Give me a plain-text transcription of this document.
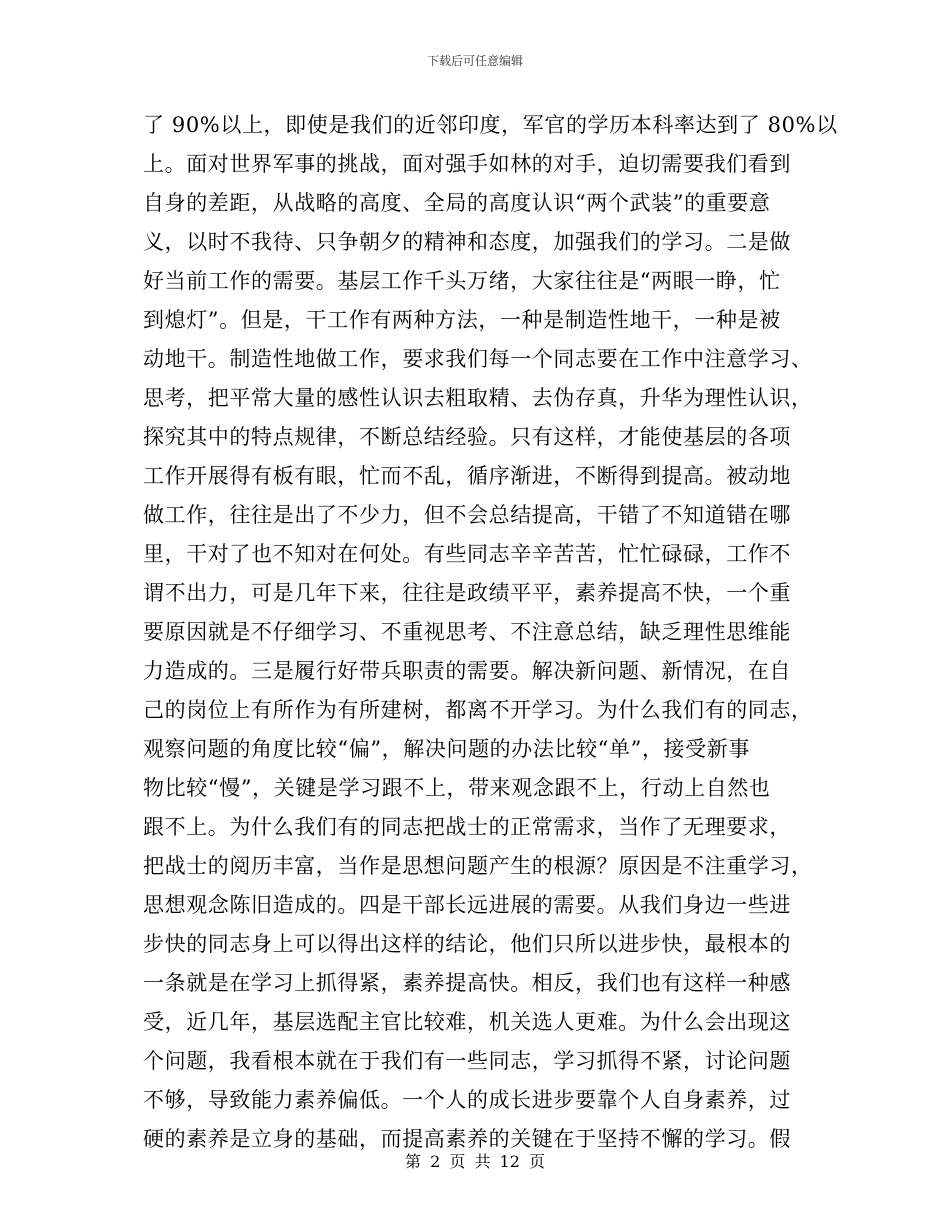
下载后可任意编辑
了 90%以上，即使是我们的近邻印度，军官的学历本科率达到了 80%以
上。面对世界军事的挑战，面对强手如林的对手，迫切需要我们看到
自身的差距，从战略的高度、全局的高度认识“两个武装”的重要意
义，以时不我待、只争朝夕的精神和态度，加强我们的学习。二是做
好当前工作的需要。基层工作千头万绪，大家往往是“两眼一睁，忙
到熄灯”。但是，干工作有两种方法，一种是制造性地干，一种是被
动地干。制造性地做工作，要求我们每一个同志要在工作中注意学习、
思考，把平常大量的感性认识去粗取精、去伪存真，升华为理性认识，
探究其中的特点规律，不断总结经验。只有这样，才能使基层的各项
工作开展得有板有眼，忙而不乱，循序渐进，不断得到提高。被动地
做工作，往往是出了不少力，但不会总结提高，干错了不知道错在哪
里，干对了也不知对在何处。有些同志辛辛苦苦，忙忙碌碌，工作不
谓不出力，可是几年下来，往往是政绩平平，素养提高不快，一个重
要原因就是不仔细学习、不重视思考、不注意总结，缺乏理性思维能
力造成的。三是履行好带兵职责的需要。解决新问题、新情况，在自
己的岗位上有所作为有所建树，都离不开学习。为什么我们有的同志，
观察问题的角度比较“偏”，解决问题的办法比较“单”，接受新事
物比较“慢”，关键是学习跟不上，带来观念跟不上，行动上自然也
跟不上。为什么我们有的同志把战士的正常需求，当作了无理要求，
把战士的阅历丰富，当作是思想问题产生的根源？原因是不注重学习，
思想观念陈旧造成的。四是干部长远进展的需要。从我们身边一些进
步快的同志身上可以得出这样的结论，他们只所以进步快，最根本的
一条就是在学习上抓得紧，素养提高快。相反，我们也有这样一种感
受，近几年，基层选配主官比较难，机关选人更难。为什么会出现这
个问题，我看根本就在于我们有一些同志，学习抓得不紧，讨论问题
不够，导致能力素养偏低。一个人的成长进步要靠个人自身素养，过
硬的素养是立身的基础，而提高素养的关键在于坚持不懈的学习。假
第 2 页 共 12 页
